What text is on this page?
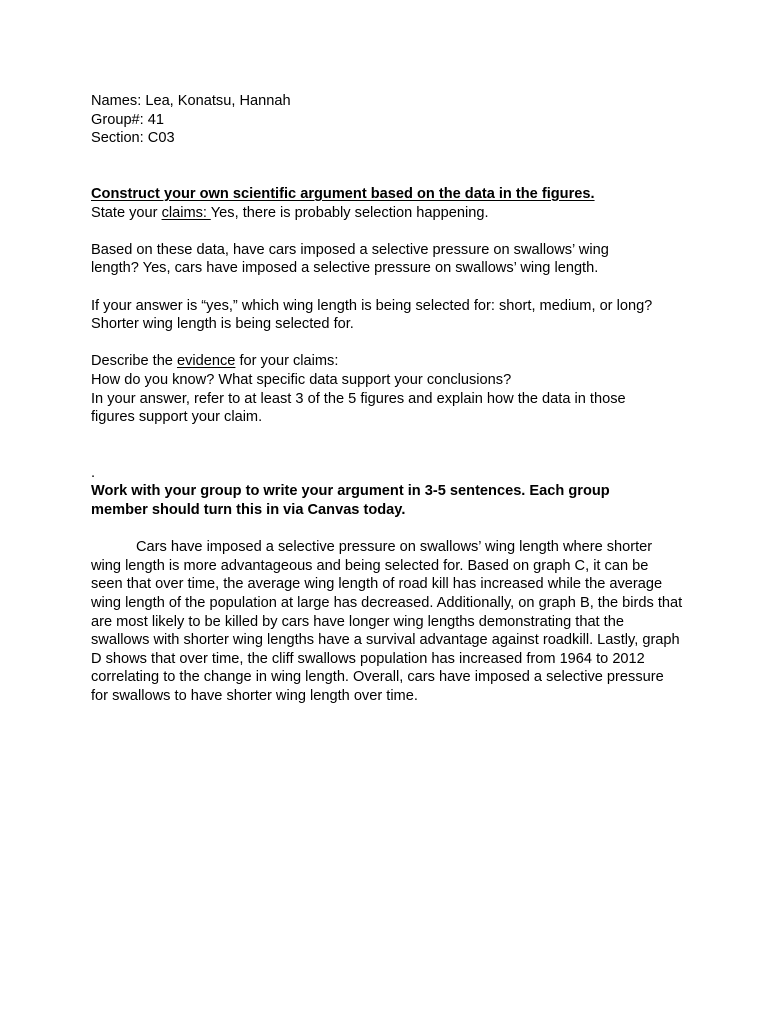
Names: Lea, Konatsu, Hannah

Group#: 41

Section: C03

Construct your own scientific argument based on the data in the figures.

State your claims: Yes, there is probably selection happening.

Based on these data, have cars imposed a selective pressure on swallows’ wing

length? Yes, cars have imposed a selective pressure on swallows’ wing length.

If your answer is “yes,” which wing length is being selected for: short, medium, or long?

Shorter wing length is being selected for.

Describe the evidence for your claims:

How do you know? What specific data support your conclusions?

In your answer, refer to at least 3 of the 5 figures and explain how the data in those

figures support your claim.

.

Work with your group to write your argument in 3-5 sentences. Each group

member should turn this in via Canvas today.

Cars have imposed a selective pressure on swallows’ wing length where shorter wing length is more advantageous and being selected for. Based on graph C, it can be seen that over time, the average wing length of road kill has increased while the average wing length of the population at large has decreased. Additionally, on graph B, the birds that are most likely to be killed by cars have longer wing lengths demonstrating that the swallows with shorter wing lengths have a survival advantage against roadkill. Lastly, graph D shows that over time, the cliff swallows population has increased from 1964 to 2012 correlating to the change in wing length. Overall, cars have imposed a selective pressure for swallows to have shorter wing length over time.
